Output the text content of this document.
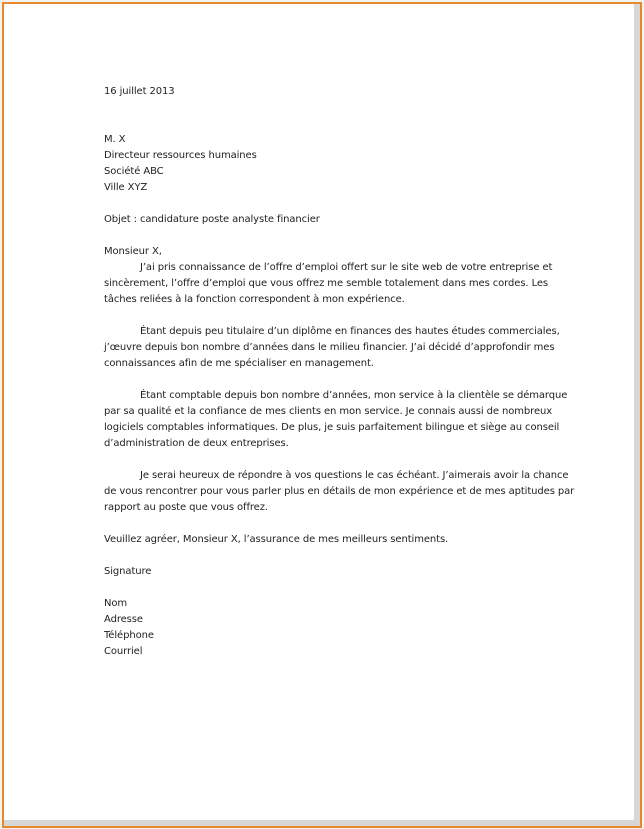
16 juillet 2013
M. X
Directeur ressources humaines
Société ABC
Ville XYZ
Objet : candidature poste analyste financier
Monsieur X,
J’ai pris connaissance de l’offre d’emploi offert sur le site web de votre entreprise et
sincèrement, l’offre d’emploi que vous offrez me semble totalement dans mes cordes. Les
tâches reliées à la fonction correspondent à mon expérience.
Étant depuis peu titulaire d’un diplôme en finances des hautes études commerciales,
j’œuvre depuis bon nombre d’années dans le milieu financier. J’ai décidé d’approfondir mes
connaissances afin de me spécialiser en management.
Étant comptable depuis bon nombre d’années, mon service à la clientèle se démarque
par sa qualité et la confiance de mes clients en mon service. Je connais aussi de nombreux
logiciels comptables informatiques. De plus, je suis parfaitement bilingue et siège au conseil
d’administration de deux entreprises.
Je serai heureux de répondre à vos questions le cas échéant. J’aimerais avoir la chance
de vous rencontrer pour vous parler plus en détails de mon expérience et de mes aptitudes par
rapport au poste que vous offrez.
Veuillez agréer, Monsieur X, l’assurance de mes meilleurs sentiments.
Signature
Nom
Adresse
Téléphone
Courriel
